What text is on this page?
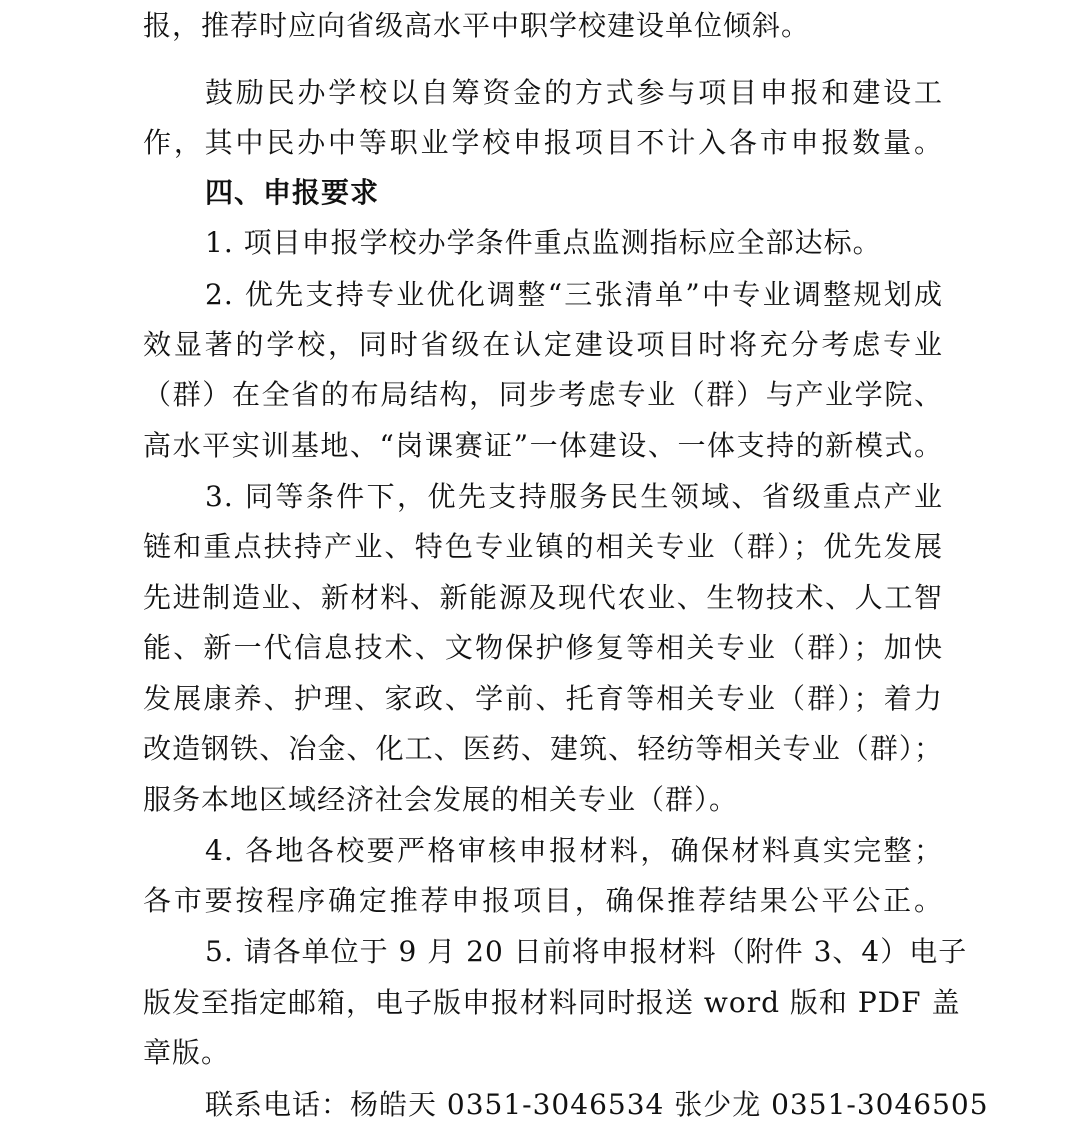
报，推荐时应向省级高水平中职学校建设单位倾斜。
鼓励民办学校以自筹资金的方式参与项目申报和建设工
作，其中民办中等职业学校申报项目不计入各市申报数量。
四、申报要求
1. 项目申报学校办学条件重点监测指标应全部达标。
2. 优先支持专业优化调整“三张清单”中专业调整规划成
效显著的学校，同时省级在认定建设项目时将充分考虑专业
（群）在全省的布局结构，同步考虑专业（群）与产业学院、
高水平实训基地、“岗课赛证”一体建设、一体支持的新模式。
3. 同等条件下，优先支持服务民生领域、省级重点产业
链和重点扶持产业、特色专业镇的相关专业（群）；优先发展
先进制造业、新材料、新能源及现代农业、生物技术、人工智
能、新一代信息技术、文物保护修复等相关专业（群）；加快
发展康养、护理、家政、学前、托育等相关专业（群）；着力
改造钢铁、冶金、化工、医药、建筑、轻纺等相关专业（群）；
服务本地区域经济社会发展的相关专业（群）。
4. 各地各校要严格审核申报材料，确保材料真实完整；
各市要按程序确定推荐申报项目，确保推荐结果公平公正。
5. 请各单位于 9 月 20 日前将申报材料（附件 3、4）电子
版发至指定邮箱，电子版申报材料同时报送 word 版和 PDF 盖
章版。
联系电话：杨皓天 0351-3046534 张少龙 0351-3046505
